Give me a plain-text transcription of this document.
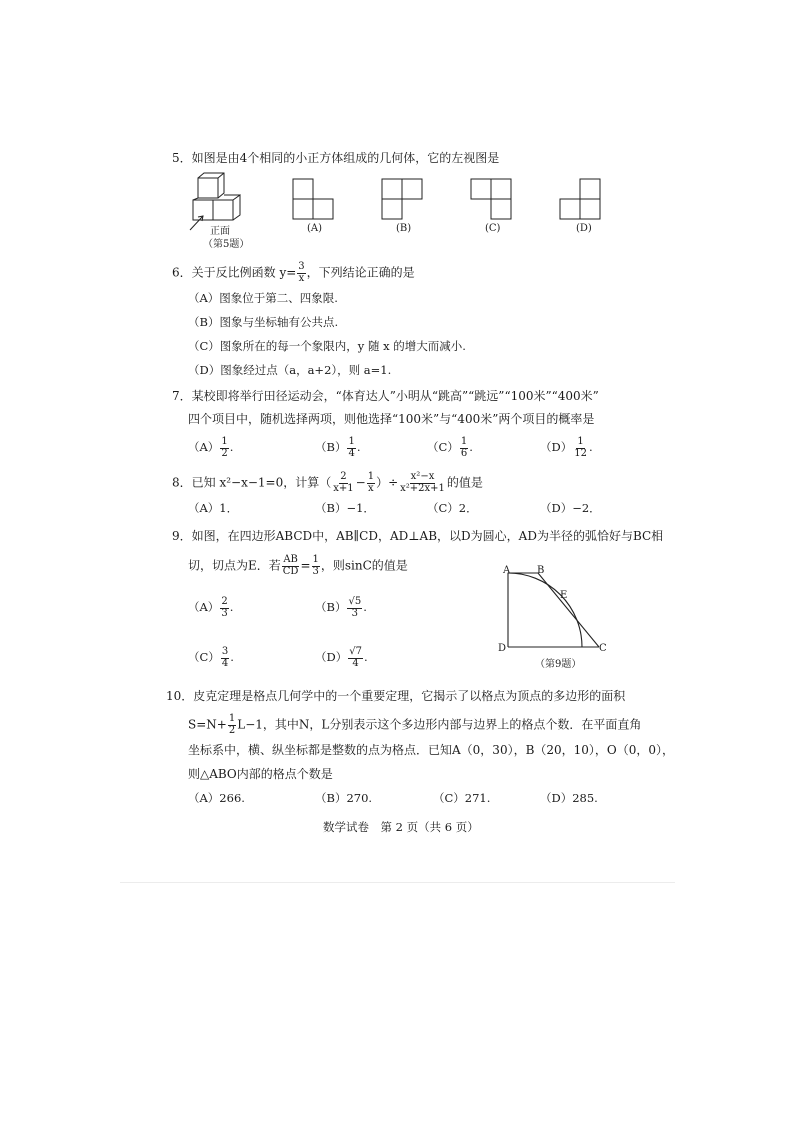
5．如图是由4个相同的小正方体组成的几何体，它的左视图是
正面
（第5题）
(A)	(B)	(C)	(D)
6．关于反比例函数 $y= \frac{3}{x}$ ，下列结论正确的是
（A）图象位于第二、四象限.
（B）图象与坐标轴有公共点.
（C）图象所在的每一个象限内，y 随 x 的增大而减小.
（D）图象经过点（a，a+2），则 a=1.
7．某校即将举行田径运动会，“体育达人”小明从“跳高”“跳远”“100米”“400米”
四个项目中，随机选择两项，则他选择“100米”与“400米”两个项目的概率是
$(A) \frac{1}{2}$ .	$(B) \frac{1}{4}$ .	$(C) \frac{1}{6}$ .	$(D) \frac{1}{12}$ .
8．已知 x²−x−1=0，计算（ $\frac{2}{x+1} - \frac{1}{x}$ ）÷ $\frac{\text{x²−x}}{\text{x²+2x+1}}$ 的值是
（A）1．	（B）−1．	（C）2．	（D）−2．
9．如图，在四边形ABCD中，AB∥CD，AD⊥AB，以D为圆心，AD为半径的弧恰好与BC相
切，切点为E．若 $\frac{AB}{CD} = \frac{1}{3}$ ，则sinC的值是
$(A) \frac{2}{3}$ .	$(B) \frac{√5}{3}$ .
$(C) \frac{3}{4}$ .	$(D) \frac{√7}{4}$ .
A	B
E
D	C
（第9题）
10．皮克定理是格点几何学中的一个重要定理，它揭示了以格点为顶点的多边形的面积
$S=N+ \frac{1}{2} L-1$，其中N，L分别表示这个多边形内部与边界上的格点个数．在平面直角
坐标系中，横、纵坐标都是整数的点为格点．已知A（0，30），B（20，10），O（0，0），
则△ABO内部的格点个数是
（A）266.	（B）270.	（C）271.	（D）285.
数学试卷　第 2 页（共 6 页）
